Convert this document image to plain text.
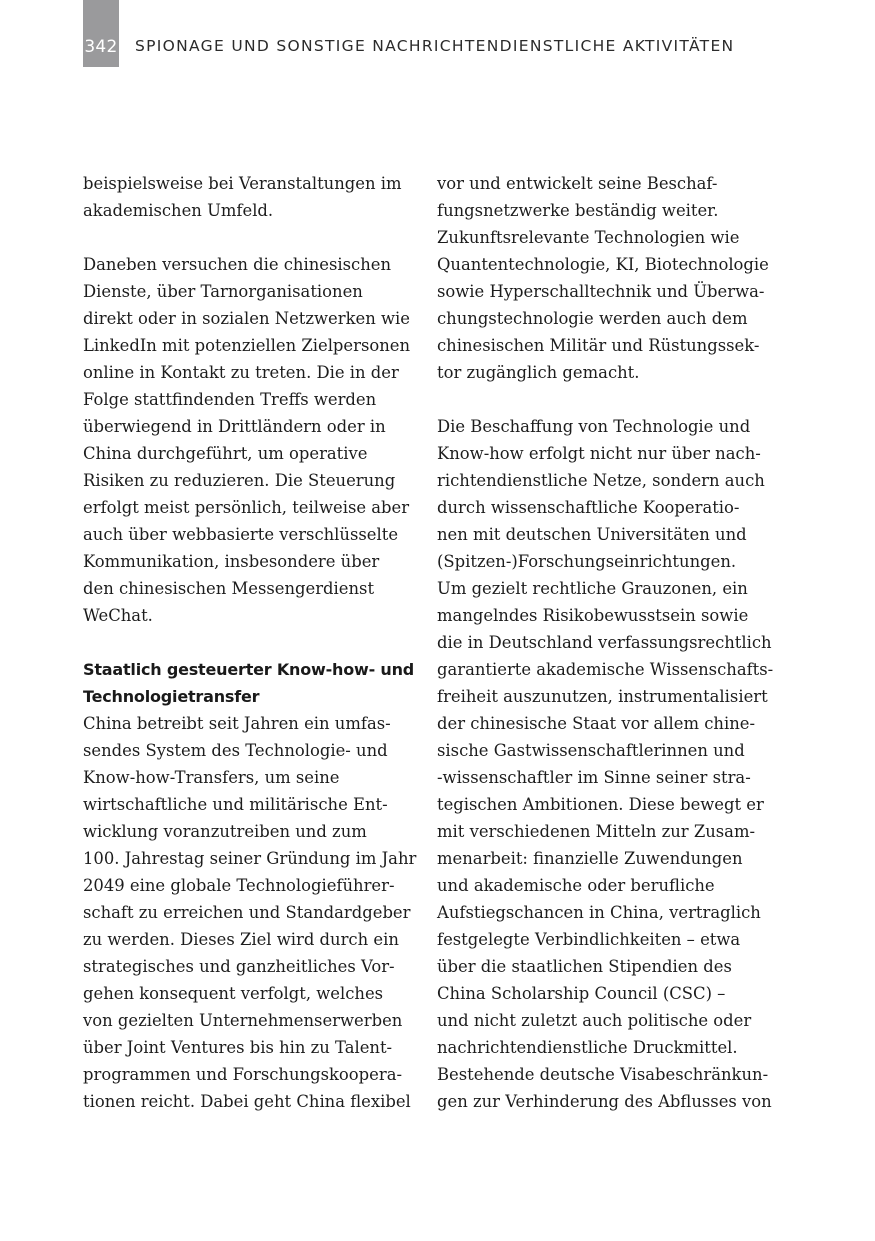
342 SPIONAGE UND SONSTIGE NACHRICHTENDIENSTLICHE AKTIVITÄTEN
beispielsweise bei Veranstaltungen im
akademischen Umfeld.
Daneben versuchen die chinesischen
Dienste, über Tarnorganisationen
direkt oder in sozialen Netzwerken wie
LinkedIn mit potenziellen Zielpersonen
online in Kontakt zu treten. Die in der
Folge stattfindenden Treffs werden
überwiegend in Drittländern oder in
China durchgeführt, um operative
Risiken zu reduzieren. Die Steuerung
erfolgt meist persönlich, teilweise aber
auch über webbasierte verschlüsselte
Kommunikation, insbesondere über
den chinesischen Messengerdienst
WeChat.
Staatlich gesteuerter Know-how- und
Technologietransfer
China betreibt seit Jahren ein umfas-
sendes System des Technologie- und
Know-how-Transfers, um seine
wirtschaftliche und militärische Ent-
wicklung voranzutreiben und zum
100. Jahrestag seiner Gründung im Jahr
2049 eine globale Technologieführer-
schaft zu erreichen und Standardgeber
zu werden. Dieses Ziel wird durch ein
strategisches und ganzheitliches Vor-
gehen konsequent verfolgt, welches
von gezielten Unternehmenserwerben
über Joint Ventures bis hin zu Talent-
programmen und Forschungskoopera-
tionen reicht. Dabei geht China flexibel
vor und entwickelt seine Beschaf-
fungsnetzwerke beständig weiter.
Zukunftsrelevante Technologien wie
Quantentechnologie, KI, Biotechnologie
sowie Hyperschalltechnik und Überwa-
chungstechnologie werden auch dem
chinesischen Militär und Rüstungssek-
tor zugänglich gemacht.
Die Beschaffung von Technologie und
Know-how erfolgt nicht nur über nach-
richtendienstliche Netze, sondern auch
durch wissenschaftliche Kooperatio-
nen mit deutschen Universitäten und
(Spitzen-)Forschungseinrichtungen.
Um gezielt rechtliche Grauzonen, ein
mangelndes Risikobewusstsein sowie
die in Deutschland verfassungsrechtlich
garantierte akademische Wissenschafts-
freiheit auszunutzen, instrumentalisiert
der chinesische Staat vor allem chine-
sische Gastwissenschaftlerinnen und
-wissenschaftler im Sinne seiner stra-
tegischen Ambitionen. Diese bewegt er
mit verschiedenen Mitteln zur Zusam-
menarbeit: finanzielle Zuwendungen
und akademische oder berufliche
Aufstiegschancen in China, vertraglich
festgelegte Verbindlichkeiten – etwa
über die staatlichen Stipendien des
China Scholarship Council (CSC) –
und nicht zuletzt auch politische oder
nachrichtendienstliche Druckmittel.
Bestehende deutsche Visabeschränkun-
gen zur Verhinderung des Abflusses von
